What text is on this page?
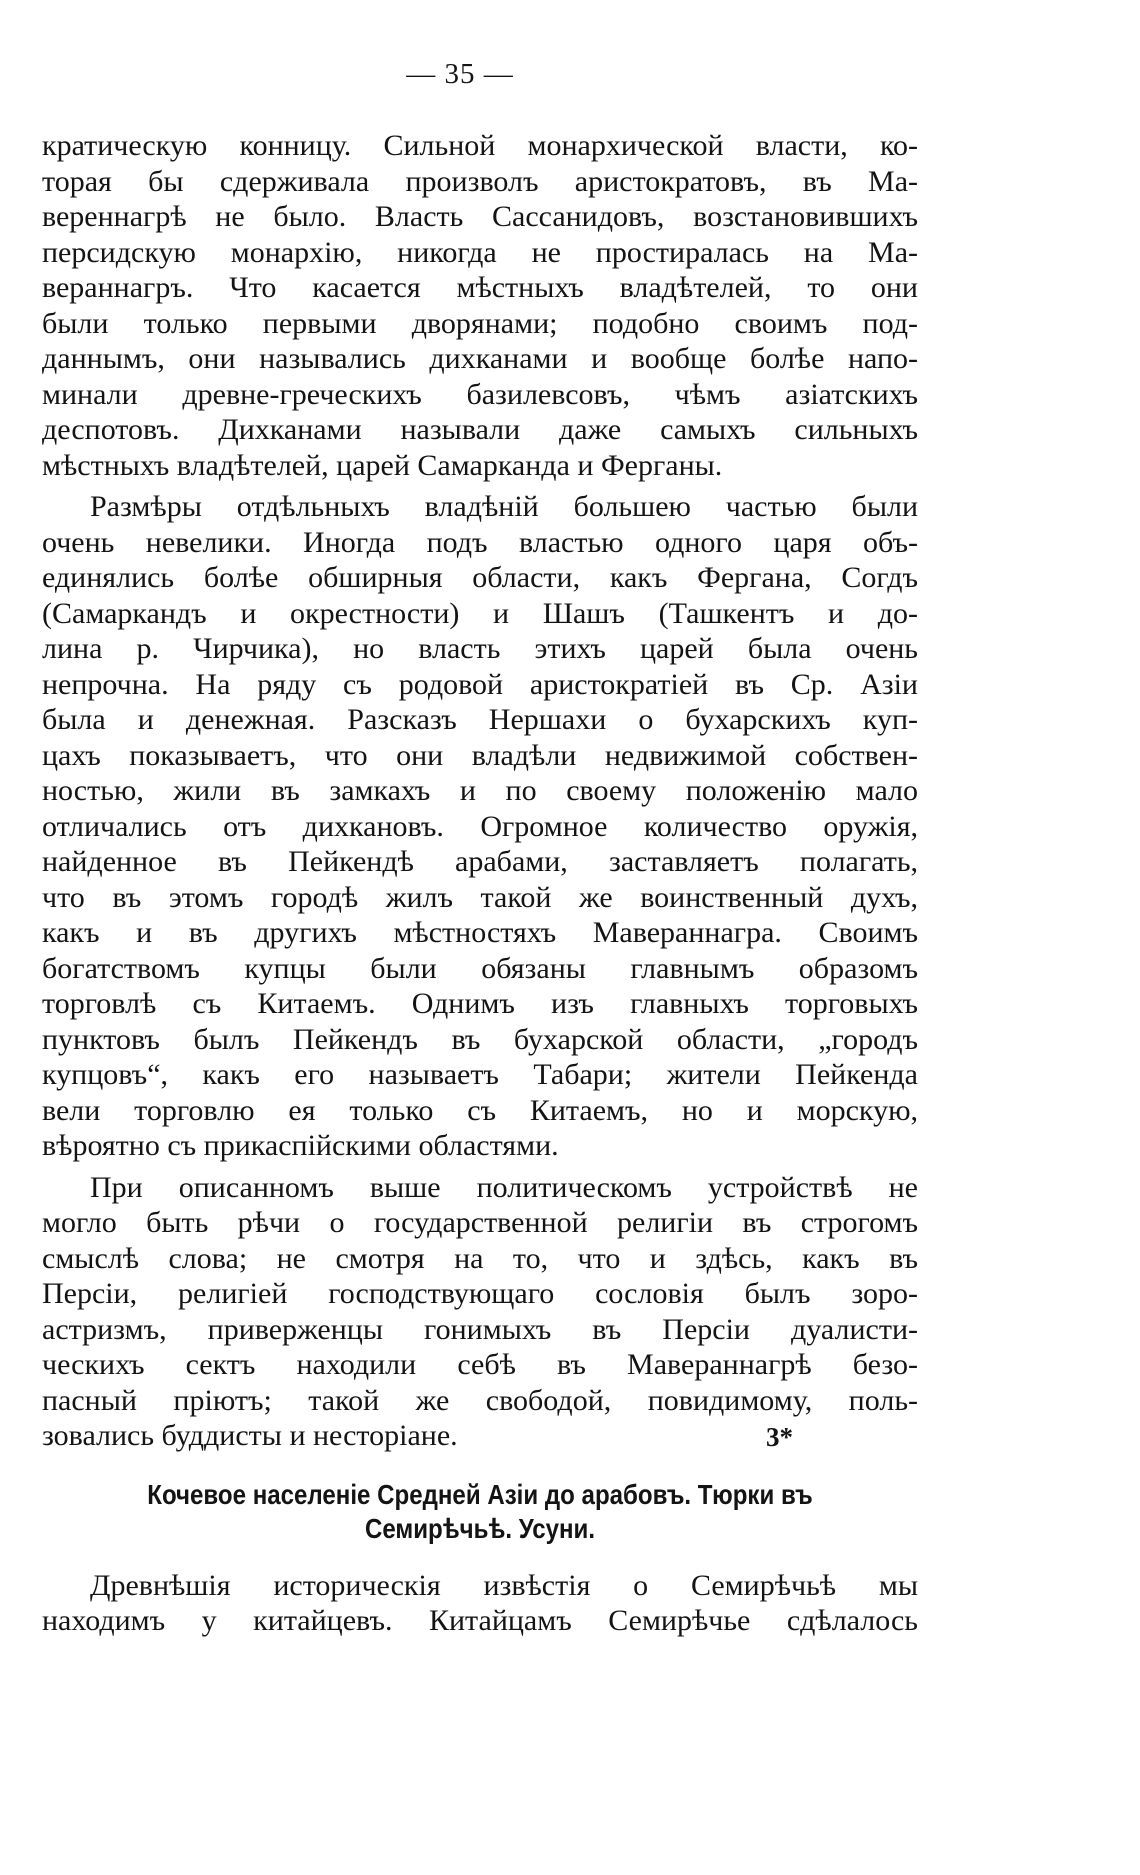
— 35 —
кратическую конницу. Сильной монархической власти, ко-
торая бы сдерживала произволъ аристократовъ, въ Ма-
вереннагрѣ не было. Власть Сассанидовъ, возстановившихъ
персидскую монархію, никогда не простиралась на Ма-
вераннагръ. Что касается мѣстныхъ владѣтелей, то они
были только первыми дворянами; подобно своимъ под-
даннымъ, они назывались дихканами и вообще болѣе напо-
минали древне-греческихъ базилевсовъ, чѣмъ азіатскихъ
деспотовъ. Дихканами называли даже самыхъ сильныхъ
мѣстныхъ владѣтелей, царей Самарканда и Ферганы.
Размѣры отдѣльныхъ владѣній большею частью были
очень невелики. Иногда подъ властью одного царя объ-
единялись болѣе обширныя области, какъ Фергана, Согдъ
(Самаркандъ и окрестности) и Шашъ (Ташкентъ и до-
лина р. Чирчика), но власть этихъ царей была очень
непрочна. На ряду съ родовой аристократіей въ Ср. Азіи
была и денежная. Разсказъ Нершахи о бухарскихъ куп-
цахъ показываетъ, что они владѣли недвижимой собствен-
ностью, жили въ замкахъ и по своему положенію мало
отличались отъ дихкановъ. Огромное количество оружія,
найденное въ Пейкендѣ арабами, заставляетъ полагать,
что въ этомъ городѣ жилъ такой же воинственный духъ,
какъ и въ другихъ мѣстностяхъ Мавераннагра. Своимъ
богатствомъ купцы были обязаны главнымъ образомъ
торговлѣ съ Китаемъ. Однимъ изъ главныхъ торговыхъ
пунктовъ былъ Пейкендъ въ бухарской области, „городъ
купцовъ“, какъ его называетъ Табари; жители Пейкенда
вели торговлю ея только съ Китаемъ, но и морскую,
вѣроятно съ прикаспійскими областями.
При описанномъ выше политическомъ устройствѣ не
могло быть рѣчи о государственной религіи въ строгомъ
смыслѣ слова; не смотря на то, что и здѣсь, какъ въ
Персіи, религіей господствующаго сословія былъ зоро-
астризмъ, приверженцы гонимыхъ въ Персіи дуалисти-
ческихъ сектъ находили себѣ въ Мавераннагрѣ безо-
пасный пріютъ; такой же свободой, повидимому, поль-
зовались буддисты и несторіане.
Кочевое населеніе Средней Азіи до арабовъ. Тюрки въ
Семирѣчьѣ. Усуни.
Древнѣшія историческія извѣстія о Семирѣчьѣ мы
находимъ у китайцевъ. Китайцамъ Семирѣчье сдѣлалось
3*
